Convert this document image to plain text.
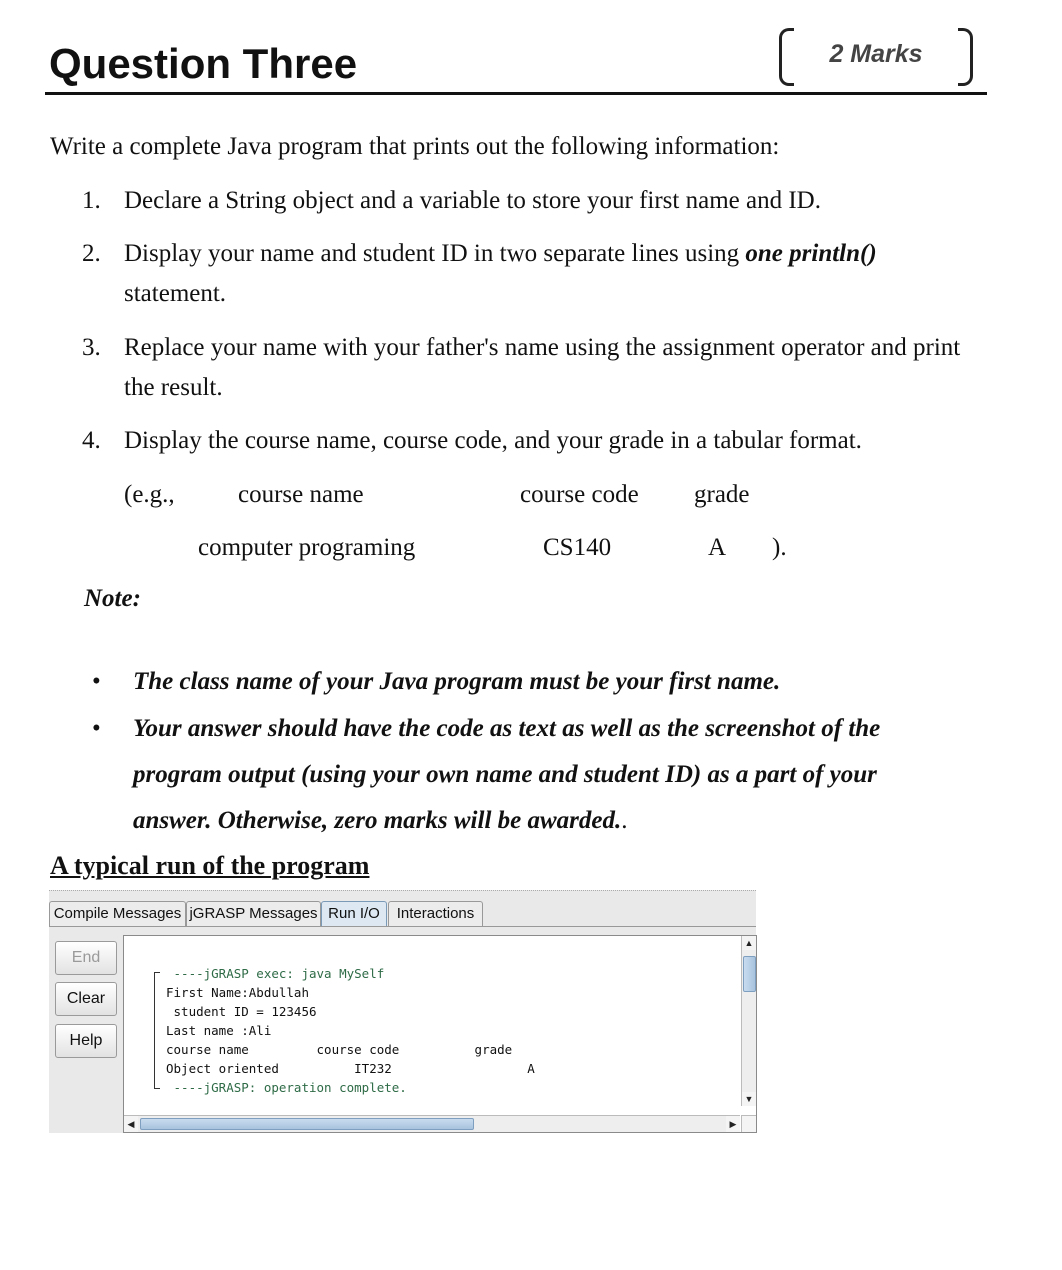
Question Three	2 Marks
Write a complete Java program that prints out the following information:
1. Declare a String object and a variable to store your first name and ID.
2. Display your name and student ID in two separate lines using one println() statement.
3. Replace your name with your father's name using the assignment operator and print the result.
4. Display the course name, course code, and your grade in a tabular format.
(e.g.,	course name	course code grade
computer programing	CS140	A ).
Note:
•	The class name of your Java program must be your first name.
•	Your answer should have the code as text as well as the screenshot of the
program output (using your own name and student ID) as a part of your
answer. Otherwise, zero marks will be awarded..
A typical run of the program
Compile Messages jGRASP Messages Run I/O	Interactions
End
Clear
Help
----jGRASP exec: java MySelf
First Name:Abdullah
student ID = 123456
Last name :Ali
course name         course code          grade
Object oriented          IT232                  A
----jGRASP: operation complete.
▲
▼
◀	▶
